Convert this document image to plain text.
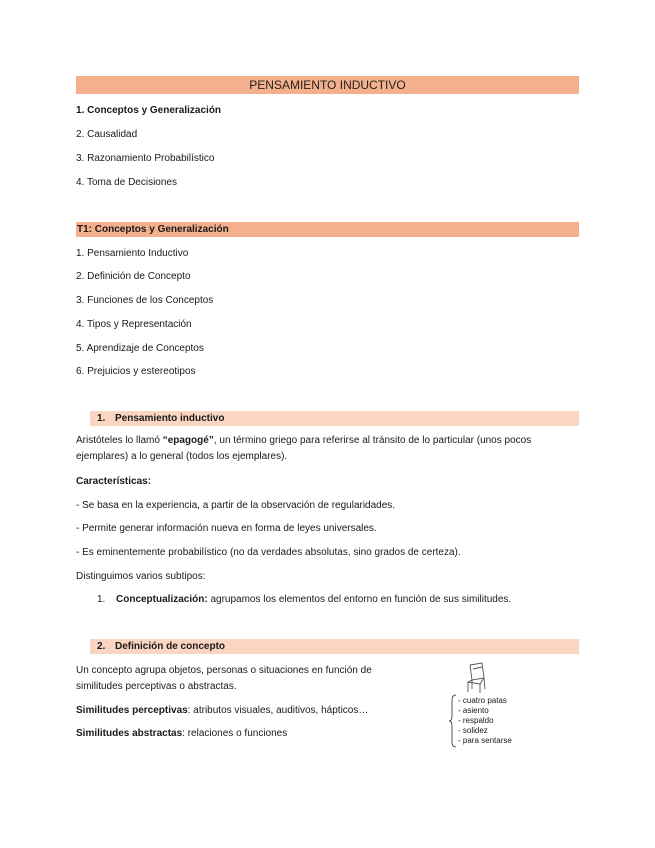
PENSAMIENTO INDUCTIVO
1. Conceptos y Generalización
2. Causalidad
3. Razonamiento Probabilístico
4. Toma de Decisiones
T1: Conceptos y Generalización
1. Pensamiento Inductivo
2. Definición de Concepto
3. Funciones de los Conceptos
4. Tipos y Representación
5. Aprendizaje de Conceptos
6. Prejuicios y estereotipos
1. Pensamiento inductivo
Aristóteles lo llamó “epagogé”, un término griego para referirse al tránsito de lo particular (unos pocos ejemplares) a lo general (todos los ejemplares).
Características:
- Se basa en la experiencia, a partir de la observación de regularidades.
- Permite generar información nueva en forma de leyes universales.
- Es eminentemente probabilístico (no da verdades absolutas, sino grados de certeza).
Distinguimos varios subtipos:
1. Conceptualización: agrupamos los elementos del entorno en función de sus similitudes.
2. Definición de concepto
Un concepto agrupa objetos, personas o situaciones en función de similitudes perceptivas o abstractas.
Similitudes perceptivas: atributos visuales, auditivos, hápticos…
Similitudes abstractas: relaciones o funciones
- cuatro patas
- asiento
- respaldo
- solidez
- para sentarse
